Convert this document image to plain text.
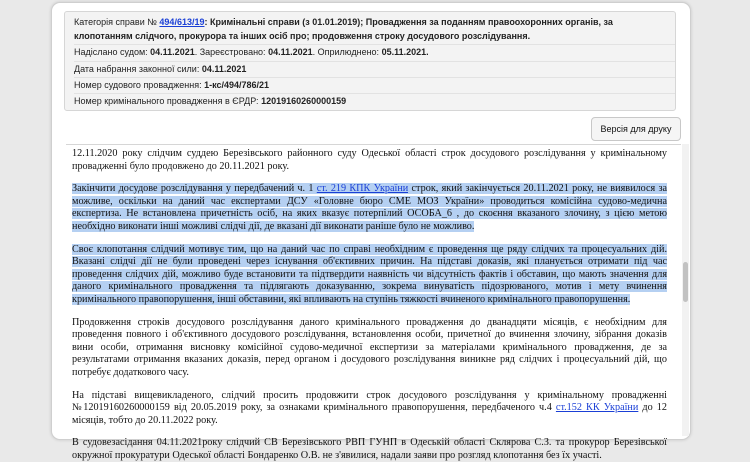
Категорія справи № 494/613/19: Кримінальні справи (з 01.01.2019); Провадження за поданням правоохоронних органів, за клопотанням слідчого, прокурора та інших осіб про; продовження строку досудового розслідування.
Надіслано судом: 04.11.2021. Зареєстровано: 04.11.2021. Оприлюднено: 05.11.2021.
Дата набрання законної сили: 04.11.2021
Номер судового провадження: 1-кс/494/786/21
Номер кримінального провадження в ЄРДР: 12019160260000159
Версія для друку

12.11.2020 року слідчим суддею Березівського районного суду Одеської області строк досудового розслідування у кримінальному провадженні було продовжено до 20.11.2021 року.

Закінчити досудове розслідування у передбачений ч. 1 ст. 219 КПК України строк, який закінчується 20.11.2021 року, не виявилося за можливе, оскільки на даний час експертами ДСУ «Головне бюро СМЕ МОЗ України» проводиться комісійна судово-медична експертиза. Не встановлена причетність осіб, на яких вказує потерпілий ОСОБА_6 , до скоєння вказаного злочину, з цією метою необхідно виконати інші можливі слідчі дії, де вказані дії виконати раніше було не можливо.

Своє клопотання слідчий мотивує тим, що на даний час по справі необхідним є проведення ще ряду слідчих та процесуальних дій. Вказані слідчі дії не були проведені через існування об'єктивних причин. На підставі доказів, які планується отримати під час проведення слідчих дій, можливо буде встановити та підтвердити наявність чи відсутність фактів і обставин, що мають значення для даного кримінального провадження та підлягають доказуванню, зокрема винуватість підозрюваного, мотив і мету вчинення кримінального правопорушення, інші обставини, які впливають на ступінь тяжкості вчиненого кримінального правопорушення.

Продовження строків досудового розслідування даного кримінального провадження до дванадцяти місяців, є необхідним для проведення повного і об'єктивного досудового розслідування, встановлення особи, причетної до вчинення злочину, зібрання доказів вини особи, отримання висновку комісійної судово-медичної експертизи за матеріалами кримінального провадження, де за результатами отримання вказаних доказів, перед органом і досудового розслідування виникне ряд слідчих і процесуальний дій, що потребує додаткового часу.

На підставі вищевикладеного, слідчий просить продовжити строк досудового розслідування у кримінальному провадженні №12019160260000159 від 20.05.2019 року, за ознаками кримінального правопорушення, передбаченого ч.4 ст.152 КК України до 12 місяців, тобто до 20.11.2022 року.

В судовезасідання 04.11.2021року слідчий СВ Березівського РВП ГУНП в Одеській області Склярова С.З. та прокурор Березівської окружної прокуратури Одеської області Бондаренко О.В. не з'явилися, надали заяви про розгляд клопотання без їх участі.
